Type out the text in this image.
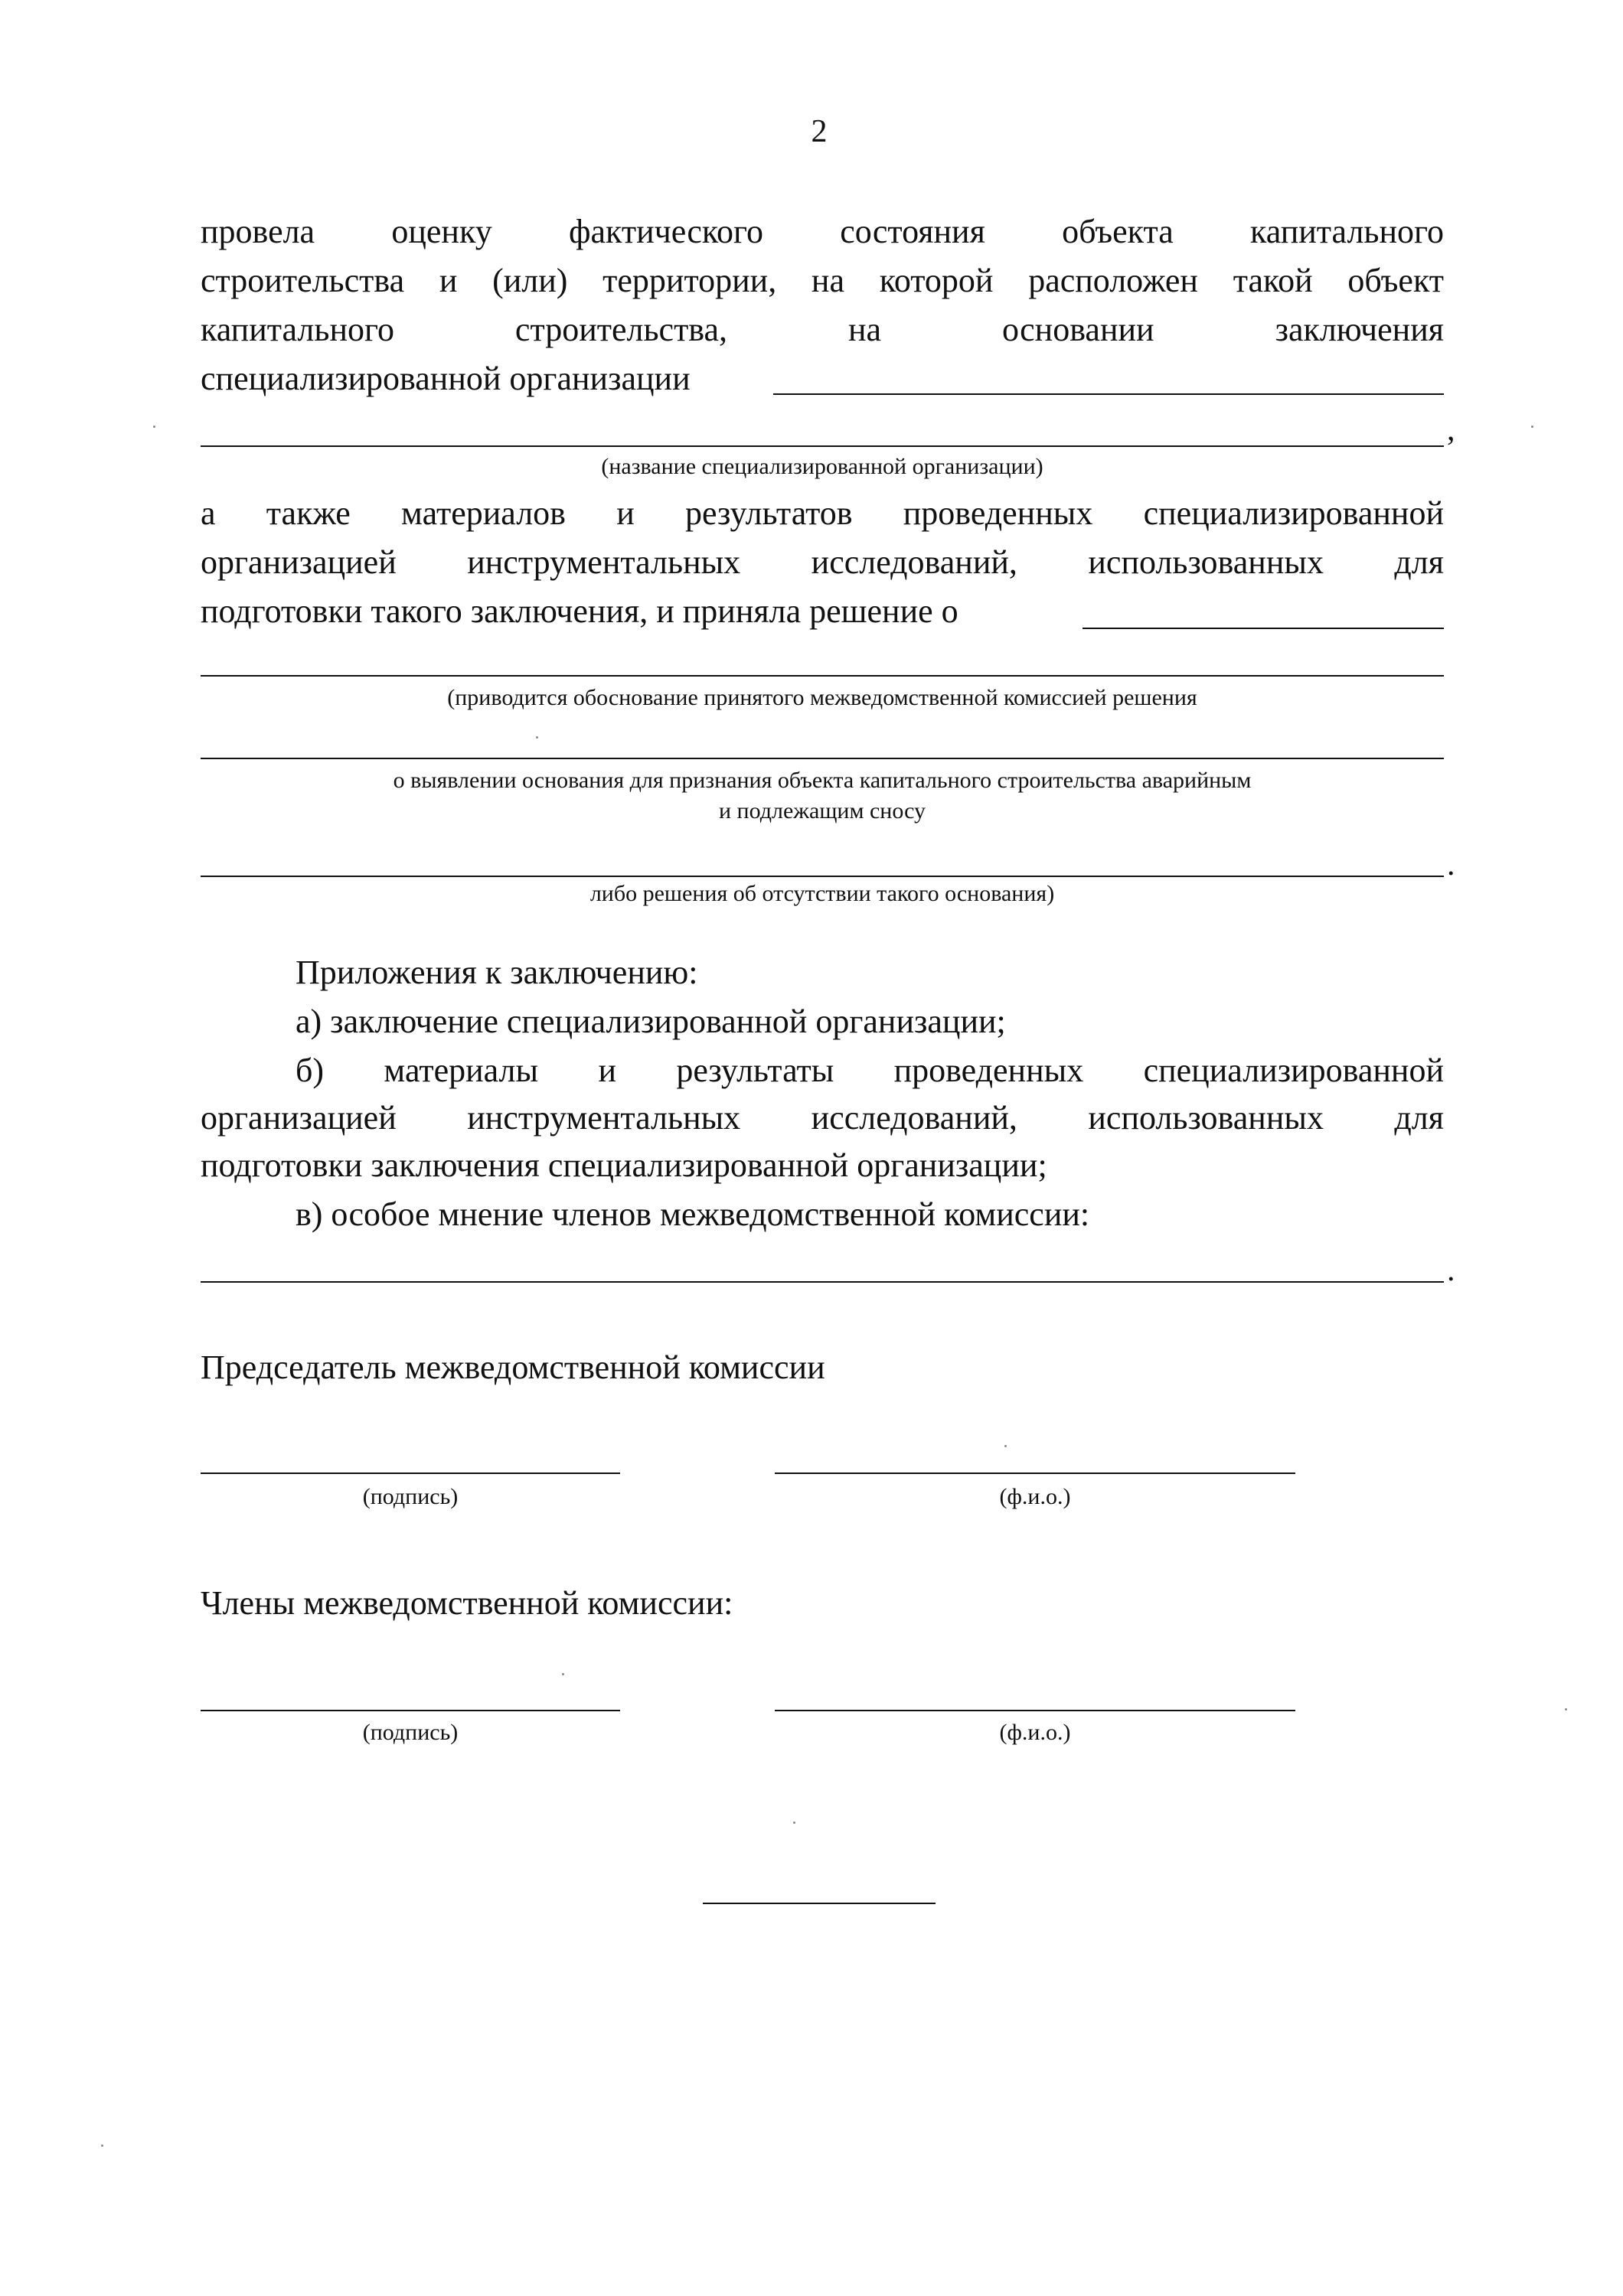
2
провела оценку фактического состояния объекта капитального
строительства и (или) территории, на которой расположен такой объект
капитального строительства, на основании заключения
специализированной организации
,
(название специализированной организации)
а также материалов и результатов проведенных специализированной
организацией инструментальных исследований, использованных для
подготовки такого заключения, и приняла решение о
(приводится обоснование принятого межведомственной комиссией решения
о выявлении основания для признания объекта капитального строительства аварийным
и подлежащим сносу
.
либо решения об отсутствии такого основания)
Приложения к заключению:
а) заключение специализированной организации;
б) материалы и результаты проведенных специализированной
организацией инструментальных исследований, использованных для
подготовки заключения специализированной организации;
в) особое мнение членов межведомственной комиссии:
.
Председатель межведомственной комиссии
(подпись)	(ф.и.о.)
Члены межведомственной комиссии:
(подпись)	(ф.и.о.)
